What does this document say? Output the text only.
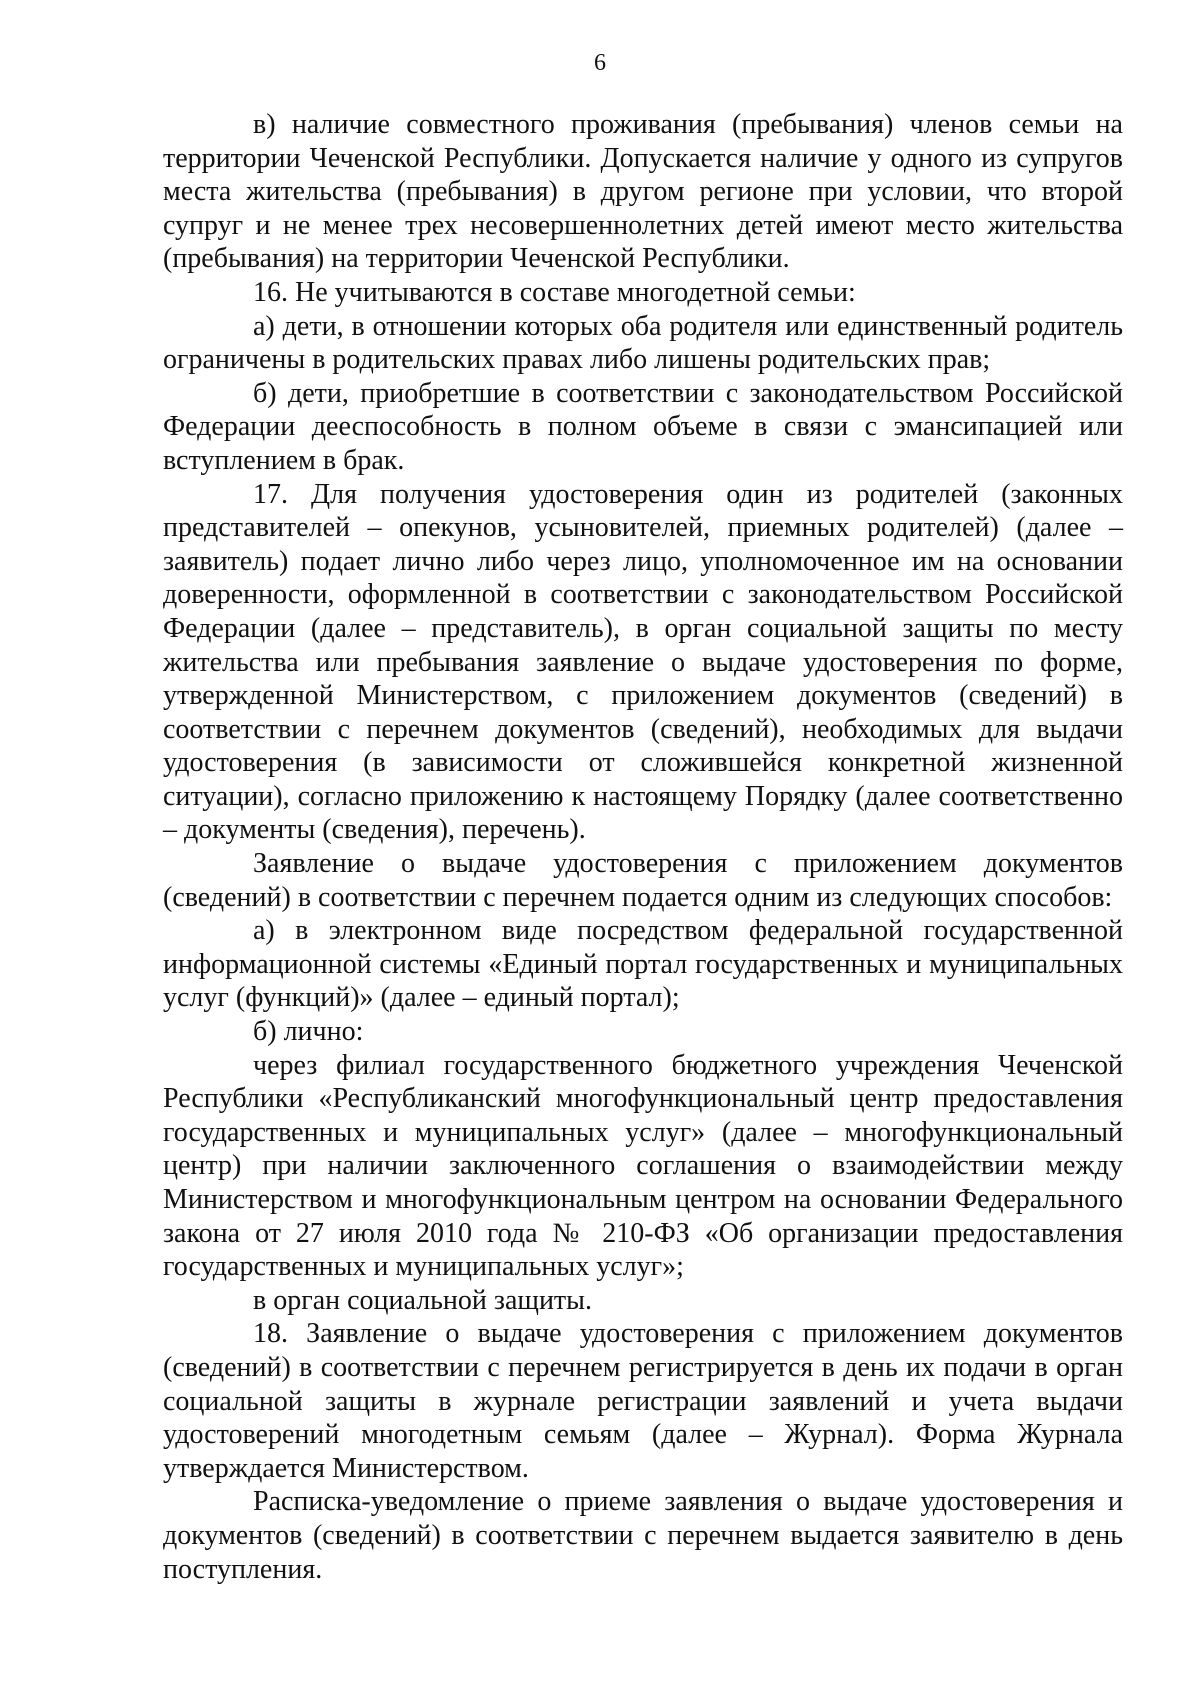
6

в) наличие совместного проживания (пребывания) членов семьи на территории Чеченской Республики. Допускается наличие у одного из супругов места жительства (пребывания) в другом регионе при условии, что второй супруг и не менее трех несовершеннолетних детей имеют место жительства (пребывания) на территории Чеченской Республики.

16. Не учитываются в составе многодетной семьи:

а) дети, в отношении которых оба родителя или единственный родитель ограничены в родительских правах либо лишены родительских прав;

б) дети, приобретшие в соответствии с законодательством Российской Федерации дееспособность в полном объеме в связи с эмансипацией или вступлением в брак.

17. Для получения удостоверения один из родителей (законных представителей – опекунов, усыновителей, приемных родителей) (далее – заявитель) подает лично либо через лицо, уполномоченное им на основании доверенности, оформленной в соответствии с законодательством Российской Федерации (далее – представитель), в орган социальной защиты по месту жительства или пребывания заявление о выдаче удостоверения по форме, утвержденной Министерством, с приложением документов (сведений) в соответствии с перечнем документов (сведений), необходимых для выдачи удостоверения (в зависимости от сложившейся конкретной жизненной ситуации), согласно приложению к настоящему Порядку (далее соответственно – документы (сведения), перечень).

Заявление о выдаче удостоверения с приложением документов (сведений) в соответствии с перечнем подается одним из следующих способов:

а) в электронном виде посредством федеральной государственной информационной системы «Единый портал государственных и муниципальных услуг (функций)» (далее – единый портал);

б) лично:

через филиал государственного бюджетного учреждения Чеченской Республики «Республиканский многофункциональный центр предоставления государственных и муниципальных услуг» (далее – многофункциональный центр) при наличии заключенного соглашения о взаимодействии между Министерством и многофункциональным центром на основании Федерального закона от 27 июля 2010 года № 210-ФЗ «Об организации предоставления государственных и муниципальных услуг»;

в орган социальной защиты.

18. Заявление о выдаче удостоверения с приложением документов (сведений) в соответствии с перечнем регистрируется в день их подачи в орган социальной защиты в журнале регистрации заявлений и учета выдачи удостоверений многодетным семьям (далее – Журнал). Форма Журнала утверждается Министерством.

Расписка-уведомление о приеме заявления о выдаче удостоверения и документов (сведений) в соответствии с перечнем выдается заявителю в день поступления.
